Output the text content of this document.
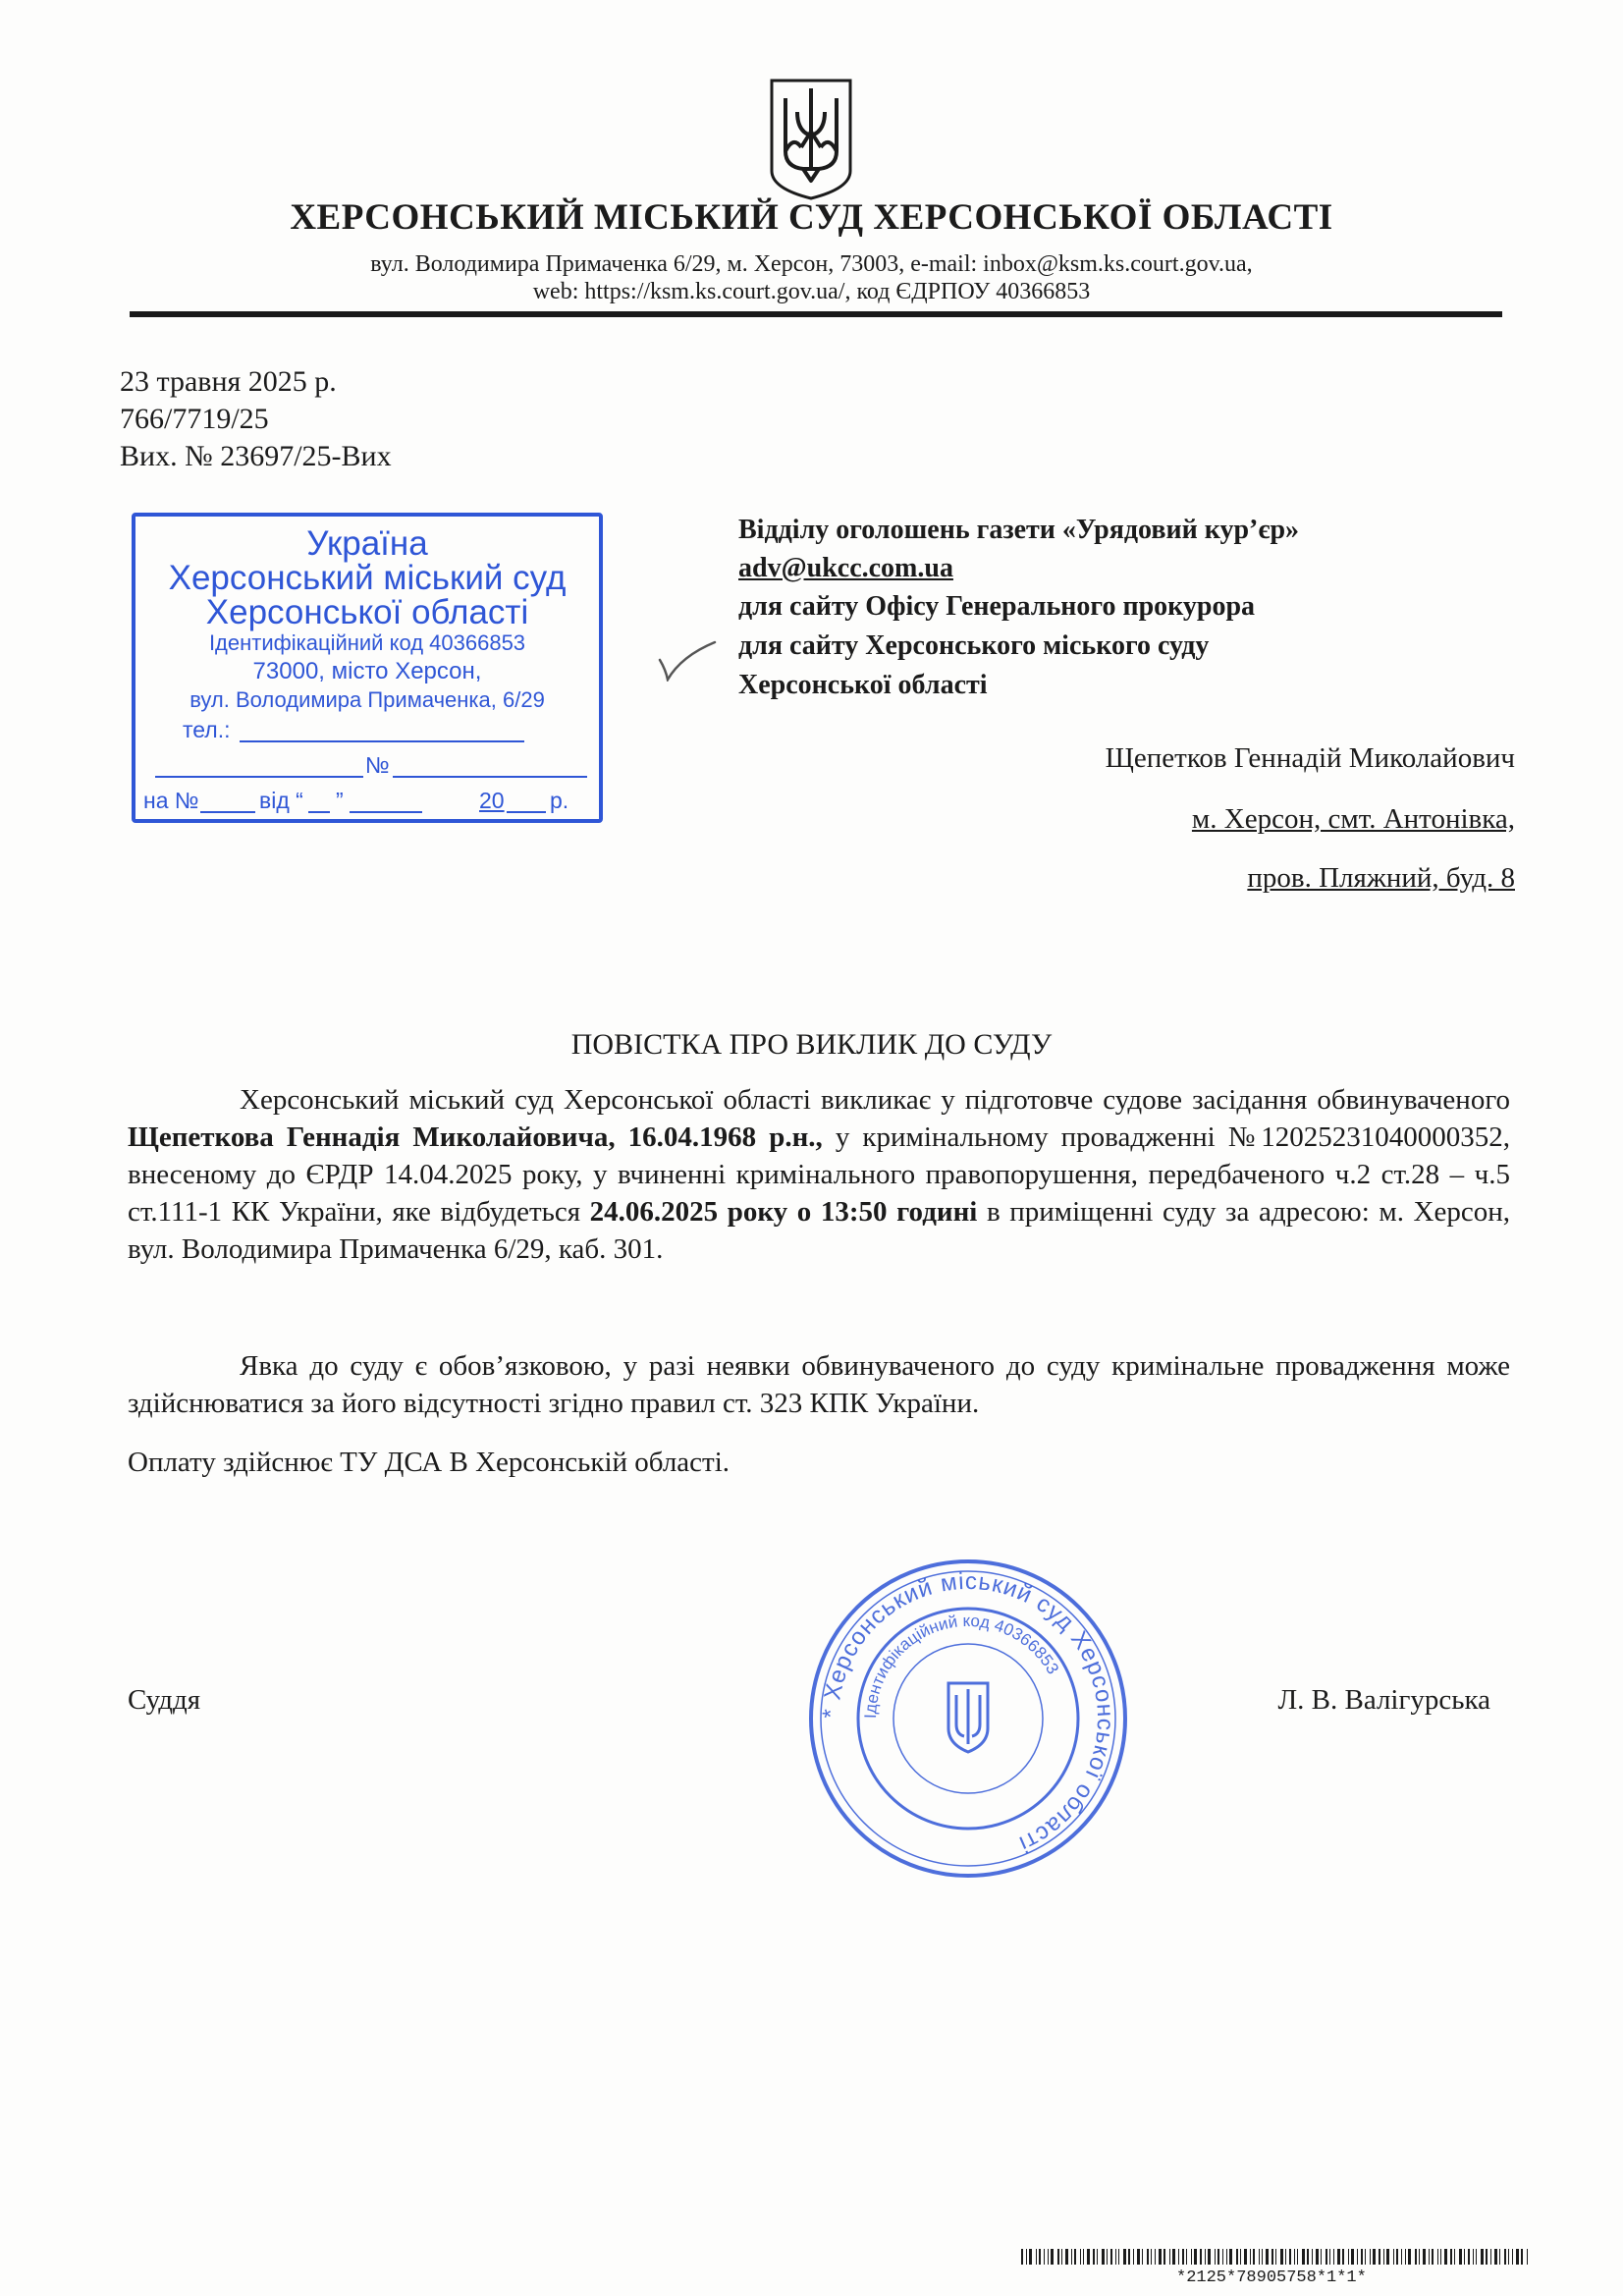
ХЕРСОНСЬКИЙ МІСЬКИЙ СУД ХЕРСОНСЬКОЇ ОБЛАСТІ
вул. Володимира Примаченка 6/29, м. Херсон, 73003, e-mail: inbox@ksm.ks.court.gov.ua,
web: https://ksm.ks.court.gov.ua/, код ЄДРПОУ 40366853
23 травня 2025 р.
766/7719/25
Вих. № 23697/25-Вих
Україна
Херсонський міський суд
Херсонської області
Ідентифікаційний код 40366853
73000, місто Херсон,
вул. Володимира Примаченка, 6/29
тел.:
№
на №	від “ ”	20 р.
Відділу оголошень газети «Урядовий кур’єр»
adv@ukcc.com.ua
для сайту Офісу Генерального прокурора
для сайту Херсонського міського суду
Херсонської області
Щепетков Геннадій Миколайович
м. Херсон, смт. Антонівка,
пров. Пляжний, буд. 8
ПОВІСТКА ПРО ВИКЛИК ДО СУДУ
Херсонський міський суд Херсонської області викликає у підготовче судове засідання обвинуваченого Щепеткова Геннадія Миколайовича, 16.04.1968 р.н., у кримінальному провадженні №12025231040000352, внесеному до ЄРДР 14.04.2025 року, у вчиненні кримінального правопорушення, передбаченого ч.2 ст.28 – ч.5 ст.111-1 КК України, яке відбудеться 24.06.2025 року о 13:50 годині в приміщенні суду за адресою: м. Херсон, вул. Володимира Примаченка 6/29, каб. 301.
Явка до суду є обов’язковою, у разі неявки обвинуваченого до суду кримінальне провадження може здійснюватися за його відсутності згідно правил ст. 323 КПК України.
Оплату здійснює ТУ ДСА В Херсонській області.
Суддя	Л. В. Валігурська
* Херсонський міський суд Херсонської області
Ідентифікаційний код 40366853
*2125*78905758*1*1*
